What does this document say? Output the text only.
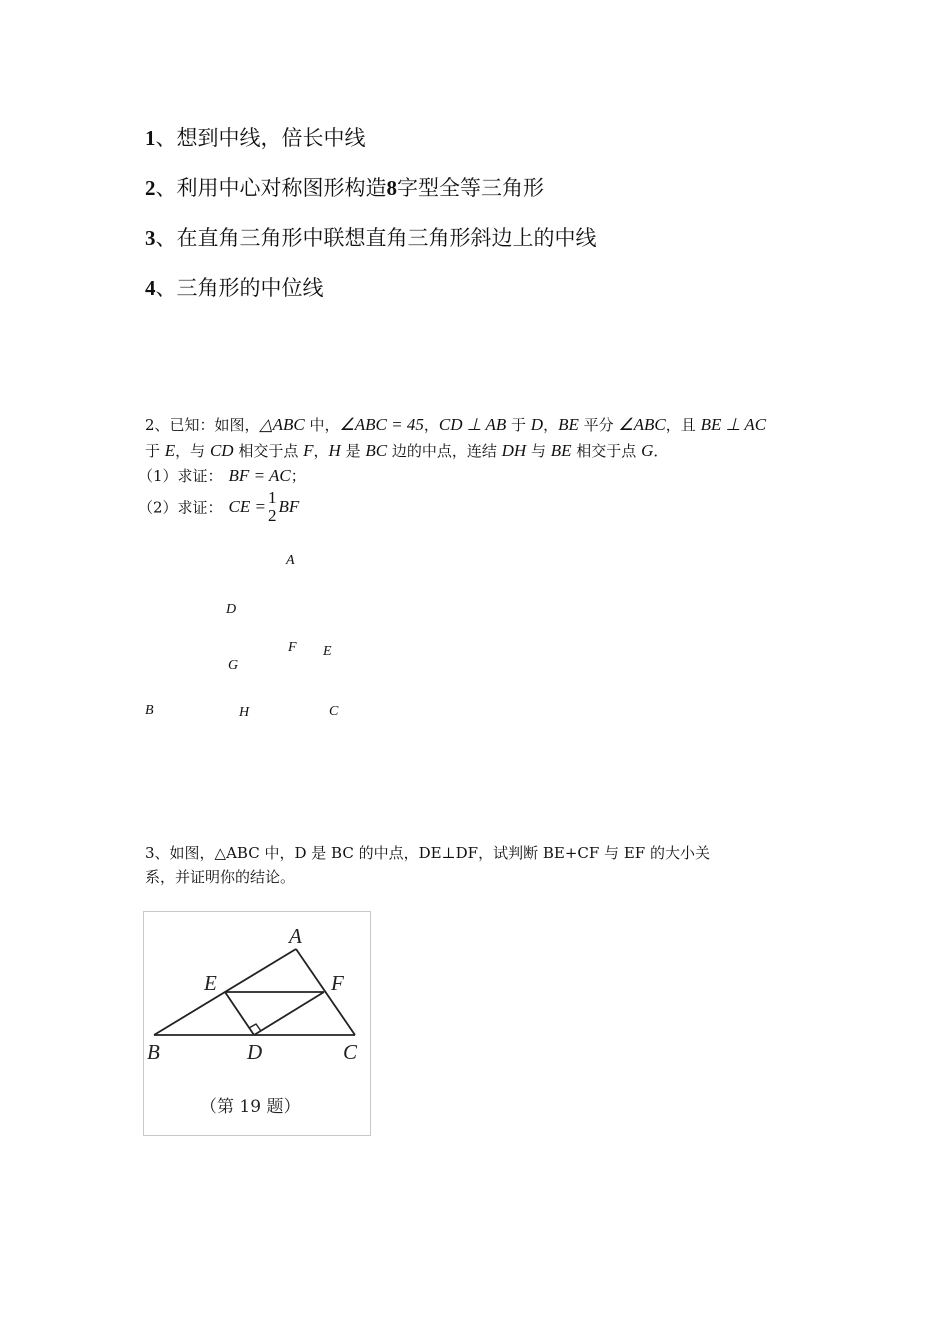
1、想到中线，倍长中线
2、利用中心对称图形构造8字型全等三角形
3、在直角三角形中联想直角三角形斜边上的中线
4、三角形的中位线
2、已知：如图，△ABC 中，∠ABC = 45，CD ⊥ AB 于 D，BE 平分 ∠ABC，且 BE ⊥ AC
于 E，与 CD 相交于点 F，H 是 BC 边的中点，连结 DH 与 BE 相交于点 G．
（1）求证： BF = AC；
（2）求证： CE = 1
2 BF
A
D
F E
G
B	H	C
3、如图，△ABC 中，D 是 BC 的中点，DE⊥DF，试判断 BE+CF 与 EF 的大小关
系，并证明你的结论。
A
E	F
B	D	C
（第 19 题）
